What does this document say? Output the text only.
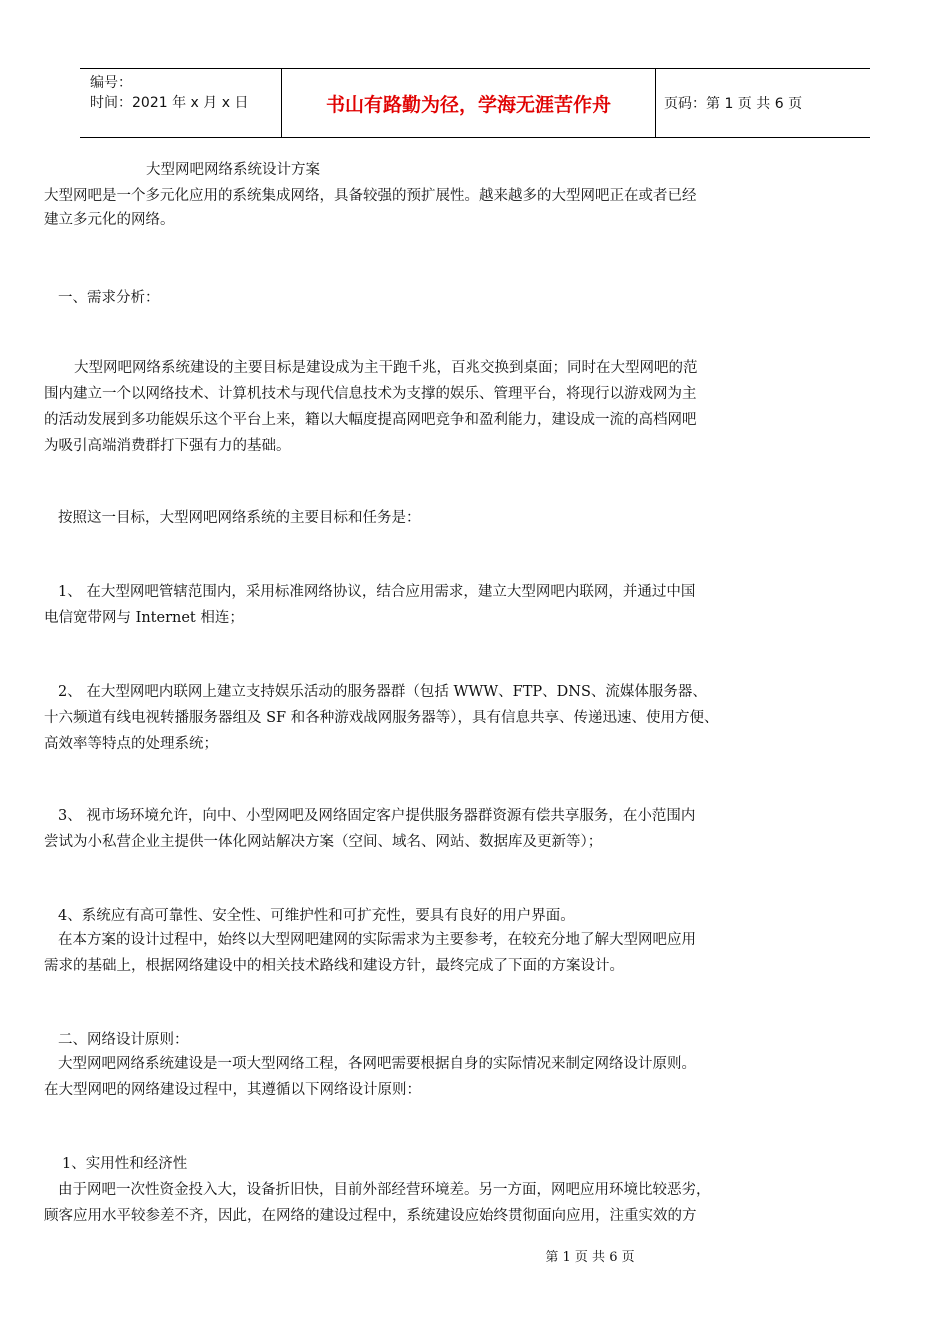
编号：
时间：2021 年 x 月 x 日	书山有路勤为径，学海无涯苦作舟	页码：第 1 页 共 6 页
大型网吧网络系统设计方案
大型网吧是一个多元化应用的系统集成网络，具备较强的预扩展性。越来越多的大型网吧正在或者已经
建立多元化的网络。
一、需求分析：
大型网吧网络系统建设的主要目标是建设成为主干跑千兆，百兆交换到桌面；同时在大型网吧的范
围内建立一个以网络技术、计算机技术与现代信息技术为支撑的娱乐、管理平台，将现行以游戏网为主
的活动发展到多功能娱乐这个平台上来，籍以大幅度提高网吧竞争和盈利能力，建设成一流的高档网吧
为吸引高端消费群打下强有力的基础。
按照这一目标，大型网吧网络系统的主要目标和任务是：
1、 在大型网吧管辖范围内，采用标准网络协议，结合应用需求，建立大型网吧内联网，并通过中国
电信宽带网与 Internet 相连；
2、 在大型网吧内联网上建立支持娱乐活动的服务器群（包括 WWW、FTP、DNS、流媒体服务器、
十六频道有线电视转播服务器组及 SF 和各种游戏战网服务器等），具有信息共享、传递迅速、使用方便、
高效率等特点的处理系统；
3、 视市场环境允许，向中、小型网吧及网络固定客户提供服务器群资源有偿共享服务，在小范围内
尝试为小私营企业主提供一体化网站解决方案（空间、域名、网站、数据库及更新等）；
4、系统应有高可靠性、安全性、可维护性和可扩充性，要具有良好的用户界面。
在本方案的设计过程中，始终以大型网吧建网的实际需求为主要参考，在较充分地了解大型网吧应用
需求的基础上，根据网络建设中的相关技术路线和建设方针，最终完成了下面的方案设计。
二、网络设计原则：
大型网吧网络系统建设是一项大型网络工程，各网吧需要根据自身的实际情况来制定网络设计原则。
在大型网吧的网络建设过程中，其遵循以下网络设计原则：
1、实用性和经济性
由于网吧一次性资金投入大，设备折旧快，目前外部经营环境差。另一方面，网吧应用环境比较恶劣，
顾客应用水平较参差不齐，因此，在网络的建设过程中，系统建设应始终贯彻面向应用，注重实效的方
第 1 页 共 6 页
